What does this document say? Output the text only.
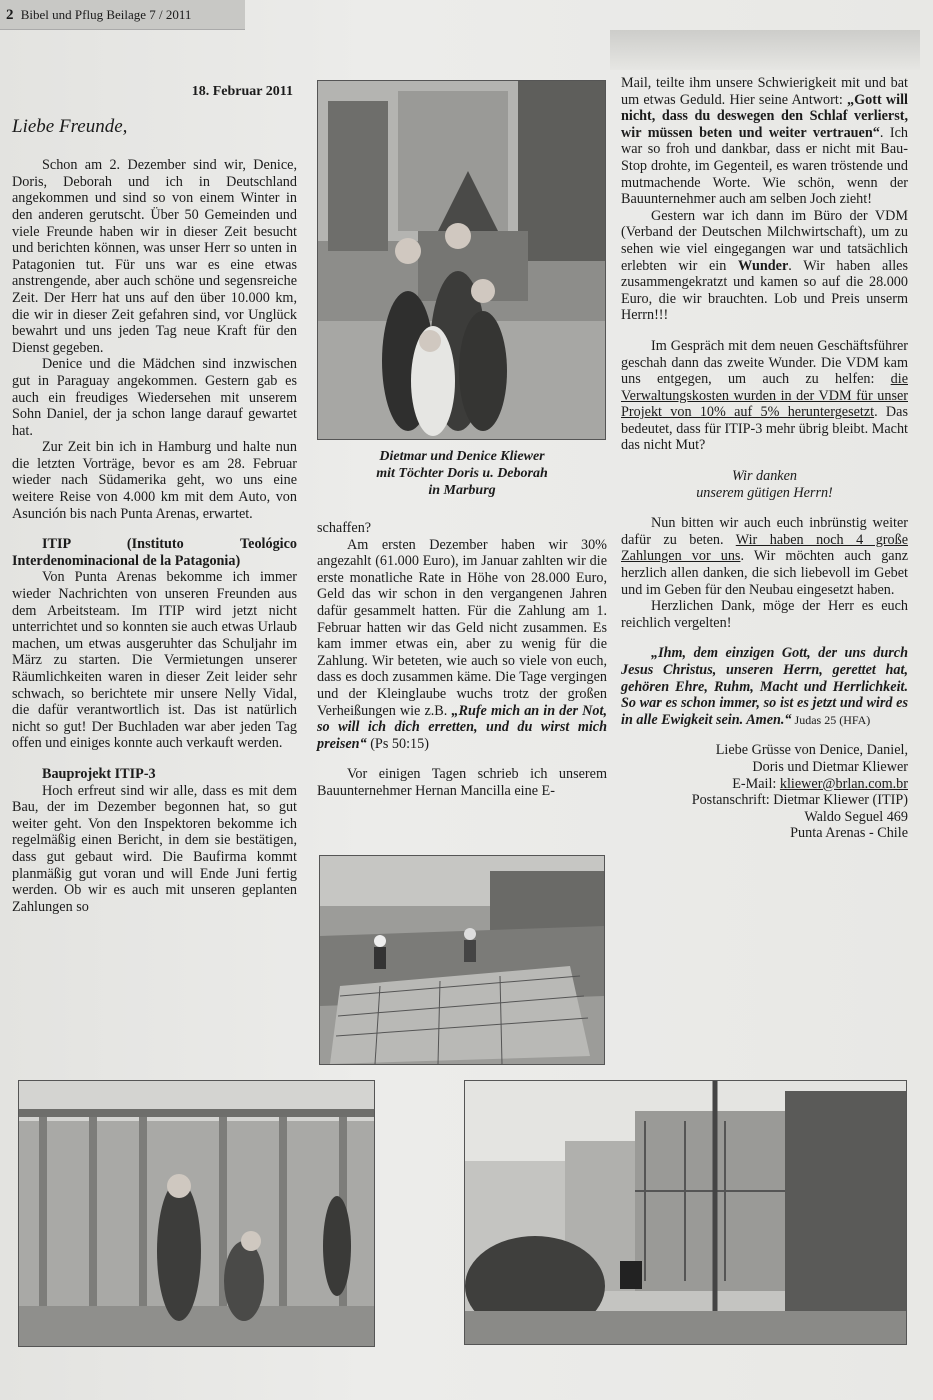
2 Bibel und Pflug Beilage 7 / 2011
18. Februar 2011
Liebe Freunde,

Schon am 2. Dezember sind wir, Denice, Doris, Deborah und ich in Deutschland angekommen und sind so von einem Winter in den anderen gerutscht. Über 50 Gemeinden und viele Freunde haben wir in dieser Zeit besucht und berichten können, was unser Herr so unten in Patagonien tut. Für uns war es eine etwas anstrengende, aber auch schöne und segensreiche Zeit. Der Herr hat uns auf den über 10.000 km, die wir in dieser Zeit gefahren sind, vor Unglück bewahrt und uns jeden Tag neue Kraft für den Dienst gegeben.

Denice und die Mädchen sind inzwischen gut in Paraguay angekommen. Gestern gab es auch ein freudiges Wiedersehen mit unserem Sohn Daniel, der ja schon lange darauf gewartet hat.

Zur Zeit bin ich in Hamburg und halte nun die letzten Vorträge, bevor es am 28. Februar wieder nach Südamerika geht, wo uns eine weitere Reise von 4.000 km mit dem Auto, von Asunción bis nach Punta Arenas, erwartet.

ITIP (Instituto Teológico Interdenominacional de la Patagonia)

Von Punta Arenas bekomme ich immer wieder Nachrichten von unseren Freunden aus dem Arbeitsteam. Im ITIP wird jetzt nicht unterrichtet und so konnten sie auch etwas Urlaub machen, um etwas ausgeruhter das Schuljahr im März zu starten. Die Vermietungen unserer Räumlichkeiten waren in dieser Zeit leider sehr schwach, so berichtete mir unsere Nelly Vidal, die dafür verantwortlich ist. Das ist natürlich nicht so gut! Der Buchladen war aber jeden Tag offen und einiges konnte auch verkauft werden.

Bauprojekt ITIP-3

Hoch erfreut sind wir alle, dass es mit dem Bau, der im Dezember begonnen hat, so gut weiter geht. Von den Inspektoren bekomme ich regelmäßig einen Bericht, in dem sie bestätigen, dass gut gebaut wird. Die Baufirma kommt planmäßig gut voran und will Ende Juni fertig werden. Ob wir es auch mit unseren geplanten Zahlungen so

Dietmar und Denice Kliewer
mit Töchter Doris u. Deborah
in Marburg

schaffen?

Am ersten Dezember haben wir 30% angezahlt (61.000 Euro), im Januar zahlten wir die erste monatliche Rate in Höhe von 28.000 Euro, Geld das wir schon in den vergangenen Jahren dafür gesammelt hatten. Für die Zahlung am 1. Februar hatten wir das Geld nicht zusammen. Es kam immer etwas ein, aber zu wenig für die Zahlung. Wir beteten, wie auch so viele von euch, dass es doch zusammen käme. Die Tage vergingen und der Kleinglaube wuchs trotz der großen Verheißungen wie z.B. „Rufe mich an in der Not, so will ich dich erretten, und du wirst mich preisen“ (Ps 50:15)

Vor einigen Tagen schrieb ich unserem Bauunternehmer Hernan Mancilla eine E-

Mail, teilte ihm unsere Schwierigkeit mit und bat um etwas Geduld. Hier seine Antwort: „Gott will nicht, dass du deswegen den Schlaf verlierst, wir müssen beten und weiter vertrauen“. Ich war so froh und dankbar, dass er nicht mit Bau-Stop drohte, im Gegenteil, es waren tröstende und mutmachende Worte. Wie schön, wenn der Bauunternehmer auch am selben Joch zieht!

Gestern war ich dann im Büro der VDM (Verband der Deutschen Milchwirtschaft), um zu sehen wie viel eingegangen war und tatsächlich erlebten wir ein Wunder. Wir haben alles zusammengekratzt und kamen so auf die 28.000 Euro, die wir brauchten. Lob und Preis unserm Herrn!!!

Im Gespräch mit dem neuen Geschäftsführer geschah dann das zweite Wunder. Die VDM kam uns entgegen, um auch zu helfen: die Verwaltungskosten wurden in der VDM für unser Projekt von 10% auf 5% heruntergesetzt. Das bedeutet, dass für ITIP-3 mehr übrig bleibt. Macht das nicht Mut?

Wir danken

unserem gütigen Herrn!

Nun bitten wir auch euch inbrünstig weiter dafür zu beten. Wir haben noch 4 große Zahlungen vor uns. Wir möchten auch ganz herzlich allen danken, die sich liebevoll im Gebet und im Geben für den Neubau eingesetzt haben.

Herzlichen Dank, möge der Herr es euch reichlich vergelten!

„Ihm, dem einzigen Gott, der uns durch Jesus Christus, unseren Herrn, gerettet hat, gehören Ehre, Ruhm, Macht und Herrlichkeit. So war es schon immer, so ist es jetzt und wird es in alle Ewigkeit sein. Amen.“ Judas 25 (HFA)

Liebe Grüsse von Denice, Daniel,
Doris und Dietmar Kliewer
E-Mail: kliewer@brlan.com.br
Postanschrift: Dietmar Kliewer (ITIP)
Waldo Seguel 469
Punta Arenas - Chile
